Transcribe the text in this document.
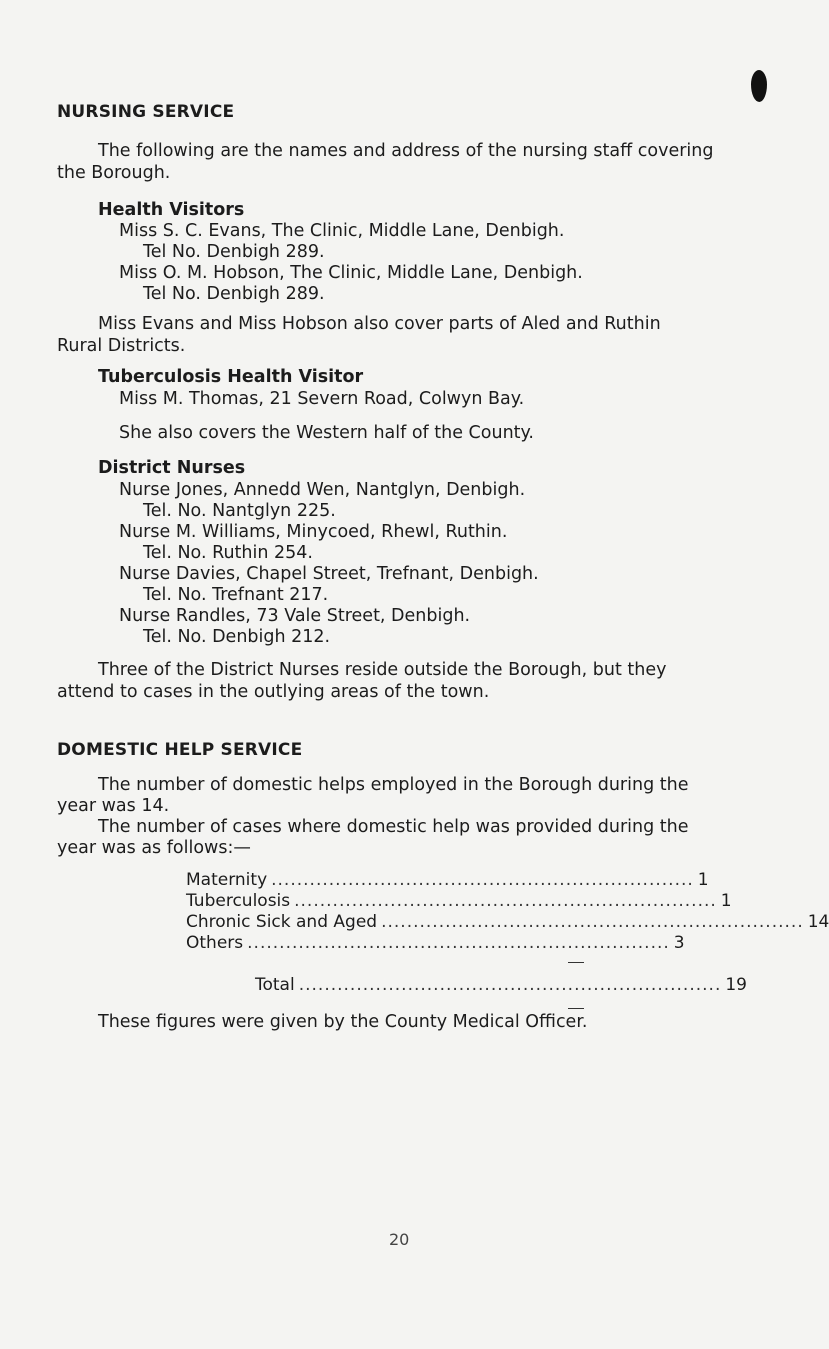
NURSING SERVICE
The following are the names and address of the nursing staff covering
the Borough.
Health Visitors
Miss S. C. Evans, The Clinic, Middle Lane, Denbigh.
Tel No. Denbigh 289.
Miss O. M. Hobson, The Clinic, Middle Lane, Denbigh.
Tel No. Denbigh 289.
Miss Evans and Miss Hobson also cover parts of Aled and Ruthin
Rural Districts.
Tuberculosis Health Visitor
Miss M. Thomas, 21 Severn Road, Colwyn Bay.
She also covers the Western half of the County.
District Nurses
Nurse Jones, Annedd Wen, Nantglyn, Denbigh.
Tel. No. Nantglyn 225.
Nurse M. Williams, Minycoed, Rhewl, Ruthin.
Tel. No. Ruthin 254.
Nurse Davies, Chapel Street, Trefnant, Denbigh.
Tel. No. Trefnant 217.
Nurse Randles, 73 Vale Street, Denbigh.
Tel. No. Denbigh 212.
Three of the District Nurses reside outside the Borough, but they
attend to cases in the outlying areas of the town.
DOMESTIC HELP SERVICE
The number of domestic helps employed in the Borough during the
year was 14.
The number of cases where domestic help was provided during the
year was as follows:—
Maternity .................................................................. 1
Tuberculosis .................................................................. 1
Chronic Sick and Aged .................................................................. 14
Others .................................................................. 3
Total .................................................................. 19
These figures were given by the County Medical Officer.
20
